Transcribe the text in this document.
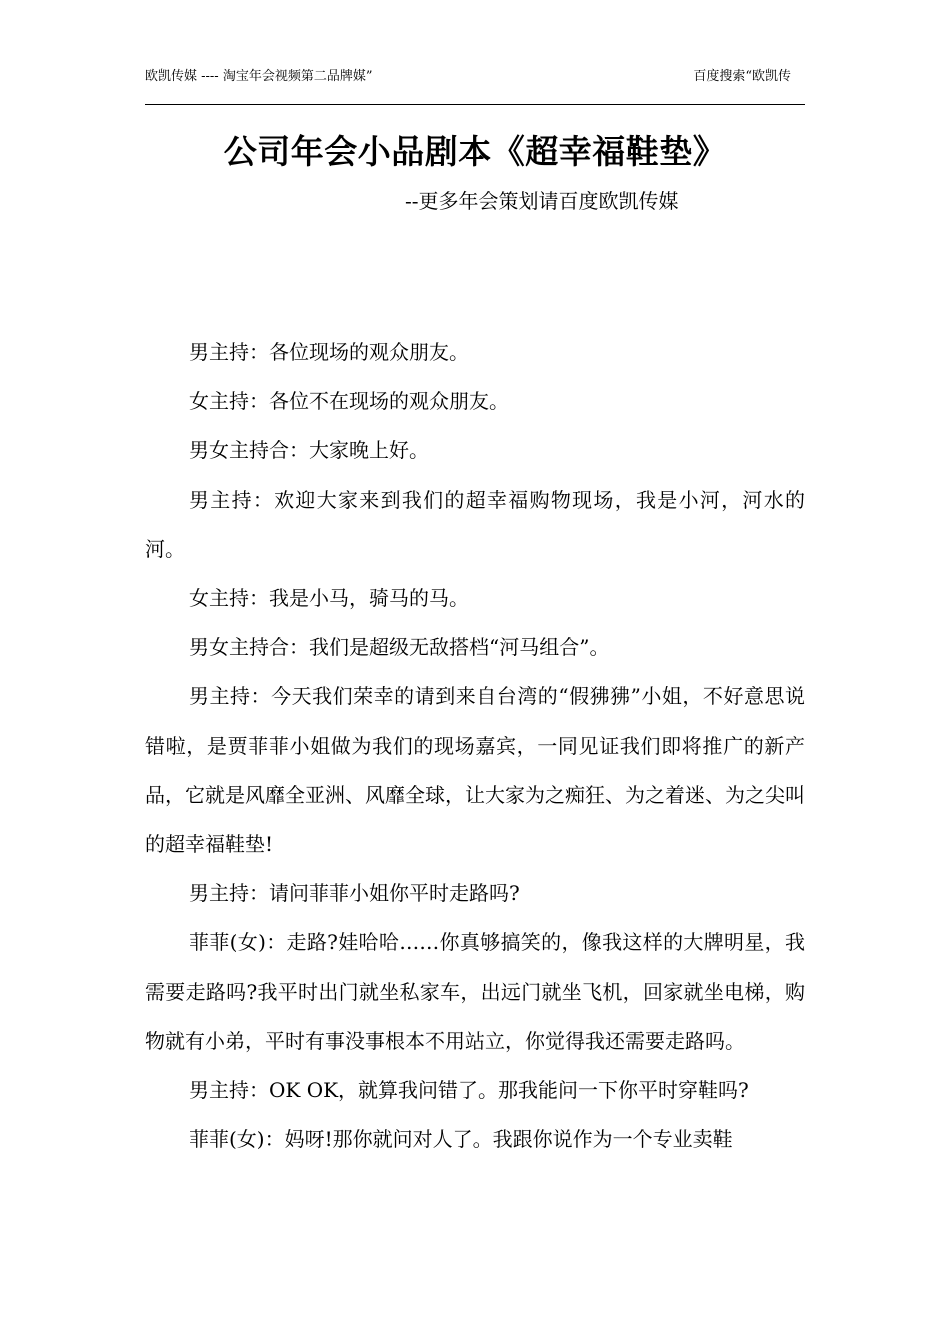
欧凯传媒 ---- 淘宝年会视频第二品牌媒”	百度搜索“欧凯传
公司年会小品剧本《超幸福鞋垫》
--更多年会策划请百度欧凯传媒

男主持：各位现场的观众朋友。

女主持：各位不在现场的观众朋友。

男女主持合：大家晚上好。

男主持：欢迎大家来到我们的超幸福购物现场，我是小河，河水的河。

女主持：我是小马，骑马的马。

男女主持合：我们是超级无敌搭档“河马组合”。

男主持：今天我们荣幸的请到来自台湾的“假狒狒”小姐，不好意思说错啦，是贾菲菲小姐做为我们的现场嘉宾，一同见证我们即将推广的新产品，它就是风靡全亚洲、风靡全球，让大家为之痴狂、为之着迷、为之尖叫的超幸福鞋垫!

男主持：请问菲菲小姐你平时走路吗?

菲菲(女)：走路?娃哈哈……你真够搞笑的，像我这样的大牌明星，我需要走路吗?我平时出门就坐私家车，出远门就坐飞机，回家就坐电梯，购物就有小弟，平时有事没事根本不用站立，你觉得我还需要走路吗。

男主持：OK OK，就算我问错了。那我能问一下你平时穿鞋吗?

菲菲(女)：妈呀!那你就问对人了。我跟你说作为一个专业卖鞋
